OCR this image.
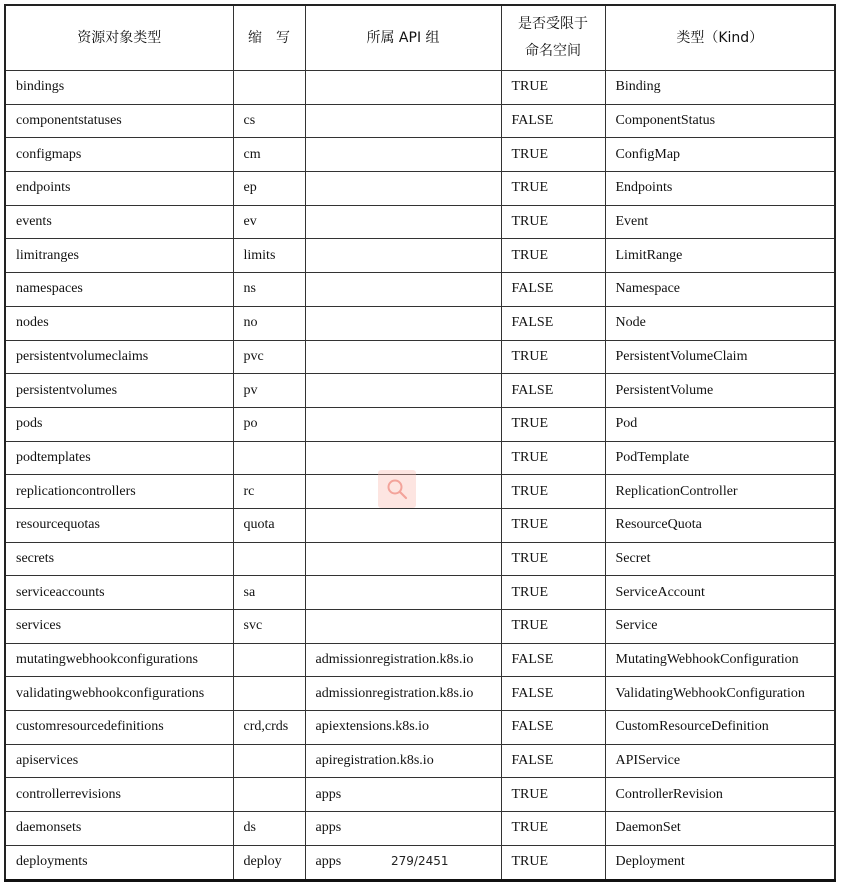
资源对象类型	缩　写	所属 API 组	是否受限于
命名空间	类型（Kind）
bindings			TRUE	Binding
componentstatuses	cs		FALSE	ComponentStatus
configmaps	cm		TRUE	ConfigMap
endpoints	ep		TRUE	Endpoints
events	ev		TRUE	Event
limitranges	limits		TRUE	LimitRange
namespaces	ns		FALSE	Namespace
nodes	no		FALSE	Node
persistentvolumeclaims	pvc		TRUE	PersistentVolumeClaim
persistentvolumes	pv		FALSE	PersistentVolume
pods	po		TRUE	Pod
podtemplates			TRUE	PodTemplate
replicationcontrollers	rc		TRUE	ReplicationController
resourcequotas	quota		TRUE	ResourceQuota
secrets			TRUE	Secret
serviceaccounts	sa		TRUE	ServiceAccount
services	svc		TRUE	Service
mutatingwebhookconfigurations		admissionregistration.k8s.io	FALSE	MutatingWebhookConfiguration
validatingwebhookconfigurations		admissionregistration.k8s.io	FALSE	ValidatingWebhookConfiguration
customresourcedefinitions	crd,crds	apiextensions.k8s.io	FALSE	CustomResourceDefinition
apiservices		apiregistration.k8s.io	FALSE	APIService
controllerrevisions		apps	TRUE	ControllerRevision
daemonsets	ds	apps	TRUE	DaemonSet
deployments	deploy	apps	TRUE	Deployment
279/2451
